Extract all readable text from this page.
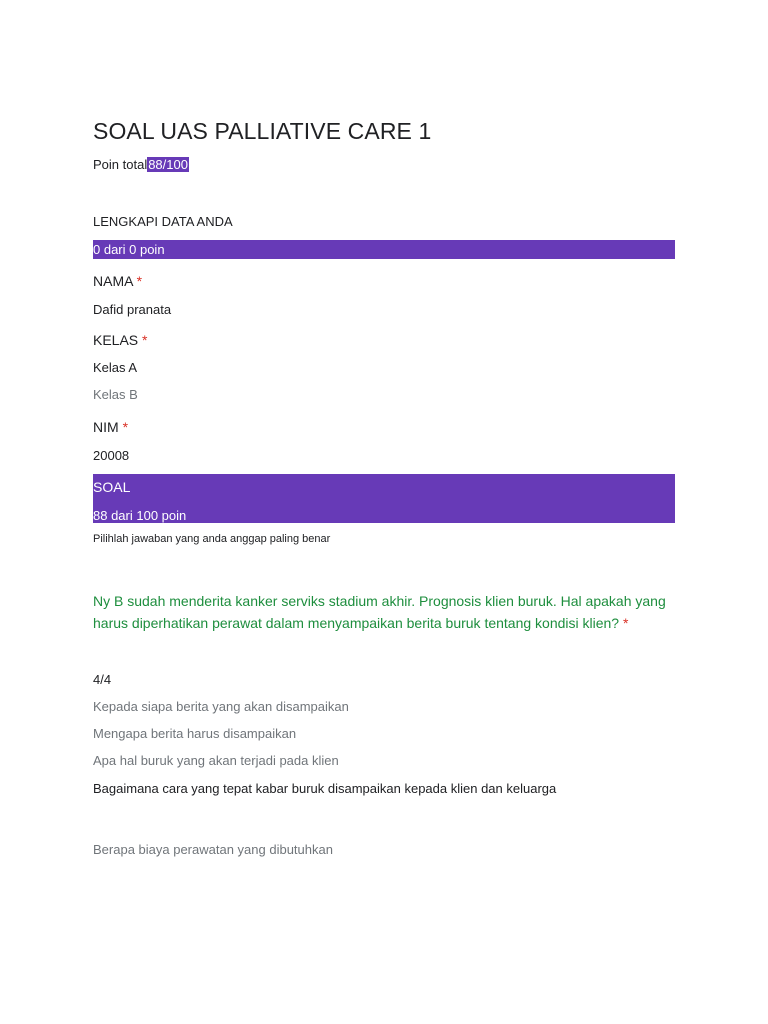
SOAL UAS PALLIATIVE CARE 1
Poin total88/100
LENGKAPI DATA ANDA
0 dari 0 poin
NAMA *
Dafid pranata
KELAS *
Kelas A
Kelas B
NIM *
20008
SOAL
88 dari 100 poin
Pilihlah jawaban yang anda anggap paling benar
Ny B sudah menderita kanker serviks stadium akhir. Prognosis klien buruk. Hal apakah yang harus diperhatikan perawat dalam menyampaikan berita buruk tentang kondisi klien? *
4/4
Kepada siapa berita yang akan disampaikan
Mengapa berita harus disampaikan
Apa hal buruk yang akan terjadi pada klien
Bagaimana cara yang tepat kabar buruk disampaikan kepada klien dan keluarga
Berapa biaya perawatan yang dibutuhkan
